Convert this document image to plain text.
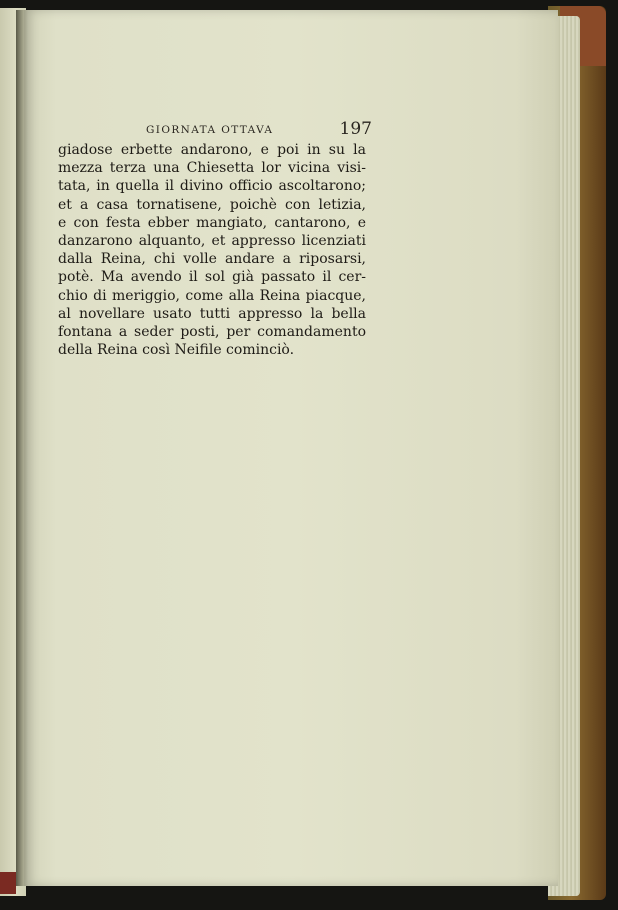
GIORNATA OTTAVA	197

giadose erbette andarono, e poi in su la
mezza terza una Chiesetta lor vicina visi-
tata, in quella il divino officio ascoltarono;
et a casa tornatisene, poichè con letizia,
e con festa ebber mangiato, cantarono, e
danzarono alquanto, et appresso licenziati
dalla Reina, chi volle andare a riposarsi,
potè. Ma avendo il sol già passato il cer-
chio di meriggio, come alla Reina piacque,
al novellare usato tutti appresso la bella
fontana a seder posti, per comandamento
della Reina così Neifile cominciò.
